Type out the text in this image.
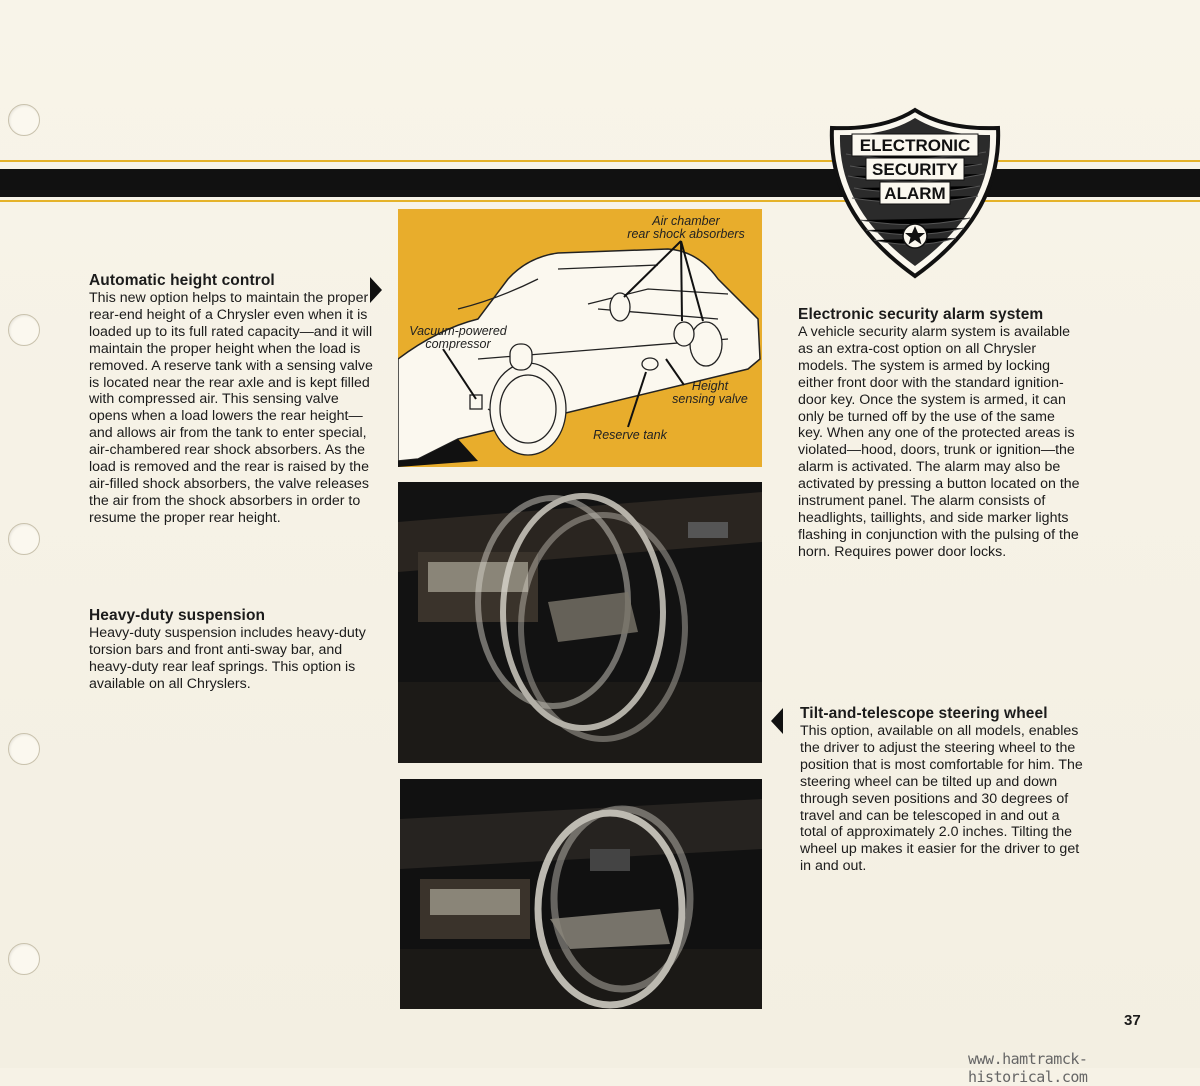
ELECTRONIC
SECURITY
ALARM
Automatic height control
This new option helps to maintain the proper rear-end height of a Chrysler even when it is loaded up to its full rated capacity—and it will maintain the proper height when the load is removed. A reserve tank with a sensing valve is located near the rear axle and is kept filled with compressed air. This sensing valve opens when a load lowers the rear height—and allows air from the tank to enter special, air-chambered rear shock absorbers. As the load is removed and the rear is raised by the air-filled shock absorbers, the valve releases the air from the shock absorbers in order to resume the proper rear height.
Heavy-duty suspension
Heavy-duty suspension includes heavy-duty torsion bars and front anti-sway bar, and heavy-duty rear leaf springs. This option is available on all Chryslers.
Air chamber
rear shock absorbers
Vacuum-powered
compressor
Height
sensing valve
Reserve tank
Electronic security alarm system
A vehicle security alarm system is available as an extra-cost option on all Chrysler models. The system is armed by locking either front door with the standard ignition-door key. Once the system is armed, it can only be turned off by the use of the same key. When any one of the protected areas is violated—hood, doors, trunk or ignition—the alarm is activated. The alarm may also be activated by pressing a button located on the instrument panel. The alarm consists of headlights, taillights, and side marker lights flashing in conjunction with the pulsing of the horn. Requires power door locks.
Tilt-and-telescope steering wheel
This option, available on all models, enables the driver to adjust the steering wheel to the position that is most comfortable for him. The steering wheel can be tilted up and down through seven positions and 30 degrees of travel and can be telescoped in and out a total of approximately 2.0 inches. Tilting the wheel up makes it easier for the driver to get in and out.
37
www.hamtramck-historical.com
